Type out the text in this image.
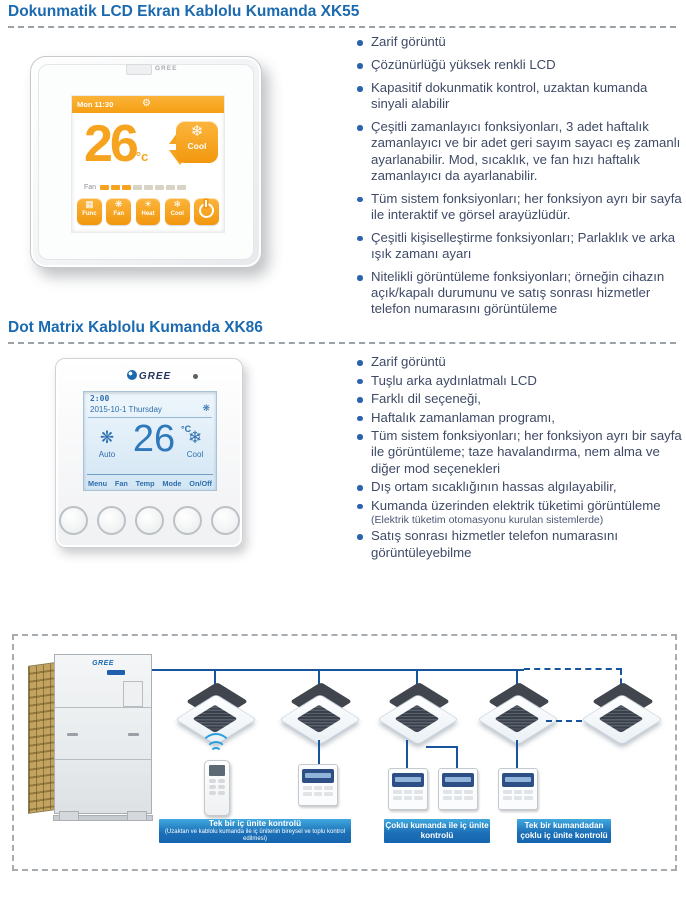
Dokunmatik LCD Ekran Kablolu Kumanda XK55
GREE
Mon 11:30	⚙
26°c
❄
Cool
$^{Fan}$
▦
Func
❋
Fan
☀
Heat
❄
Cool
Zarif görüntü
Çözünürlüğü yüksek renkli LCD
Kapasitif dokunmatik kontrol, uzaktan kumanda sinyali alabilir
Çeşitli zamanlayıcı fonksiyonları, 3 adet haftalık zamanlayıcı ve bir adet geri sayım sayacı eş zamanlı ayarlanabilir. Mod, sıcaklık, ve fan hızı haftalık zamanlayıcı da ayarlanabilir.
Tüm sistem fonksiyonları; her fonksiyon ayrı bir sayfa ile interaktif ve görsel arayüzlüdür.
Çeşitli kişiselleştirme fonksiyonları; Parlaklık ve arka ışık zamanı ayarı
Nitelikli görüntüleme fonksiyonları; örneğin cihazın açık/kapalı durumunu ve satış sonrası hizmetler telefon numarasını görüntüleme
Dot Matrix Kablolu Kumanda XK86
GREE
2:00
2015-10-1 Thursday	❋
❋
Auto 26 °C
❄
Cool
Menu Fan Temp Mode On/Off
Zarif görüntü
Tuşlu arka aydınlatmalı LCD
Farklı dil seçeneği,
Haftalık zamanlaman programı,
Tüm sistem fonksiyonları; her fonksiyon ayrı bir sayfa ile görüntüleme; taze havalandırma, nem alma ve diğer mod seçenekleri
Dış ortam sıcaklığının hassas algılayabilir,
Kumanda üzerinden elektrik tüketimi görüntüleme
(Elektrik tüketim otomasyonu kurulan sistemlerde)
Satış sonrası hizmetler telefon numarasını görüntüleyebilme
GREE
Tek bir iç ünite kontrolü
(Uzaktan ve kablolu kumanda ile iç ünitenin bireysel ve toplu kontrol edilmesi)
Çoklu kumanda ile iç ünite kontrolü
Tek bir kumandadan çoklu iç ünite kontrolü
